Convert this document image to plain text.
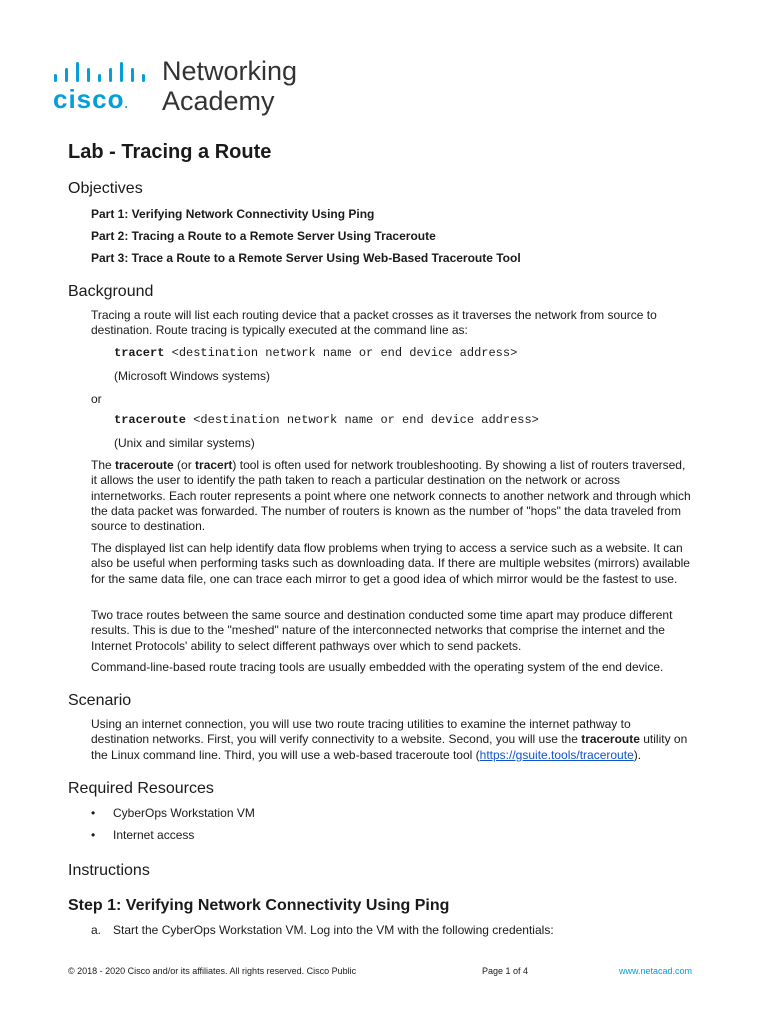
cisco.
Networking
Academy
Lab - Tracing a Route
Objectives

Part 1: Verifying Network Connectivity Using Ping

Part 2: Tracing a Route to a Remote Server Using Traceroute

Part 3: Trace a Route to a Remote Server Using Web-Based Traceroute Tool

Background

Tracing a route will list each routing device that a packet crosses as it traverses the network from source to destination. Route tracing is typically executed at the command line as:

tracert <destination network name or end device address>

(Microsoft Windows systems)

or

traceroute <destination network name or end device address>

(Unix and similar systems)

The traceroute (or tracert) tool is often used for network troubleshooting. By showing a list of routers traversed, it allows the user to identify the path taken to reach a particular destination on the network or across internetworks. Each router represents a point where one network connects to another network and through which the data packet was forwarded. The number of routers is known as the number of "hops" the data traveled from source to destination.

The displayed list can help identify data flow problems when trying to access a service such as a website. It can also be useful when performing tasks such as downloading data. If there are multiple websites (mirrors) available for the same data file, one can trace each mirror to get a good idea of which mirror would be the fastest to use.

Two trace routes between the same source and destination conducted some time apart may produce different results. This is due to the "meshed" nature of the interconnected networks that comprise the internet and the Internet Protocols' ability to select different pathways over which to send packets.

Command-line-based route tracing tools are usually embedded with the operating system of the end device.

Scenario

Using an internet connection, you will use two route tracing utilities to examine the internet pathway to destination networks. First, you will verify connectivity to a website. Second, you will use the traceroute utility on the Linux command line. Third, you will use a web-based traceroute tool (https://gsuite.tools/traceroute).

Required Resources
• CyberOps Workstation VM
• Internet access
Instructions
Step 1: Verifying Network Connectivity Using Ping
a. Start the CyberOps Workstation VM. Log into the VM with the following credentials:
© 2018 - 2020 Cisco and/or its affiliates. All rights reserved. Cisco Public	Page 1 of 4	www.netacad.com
